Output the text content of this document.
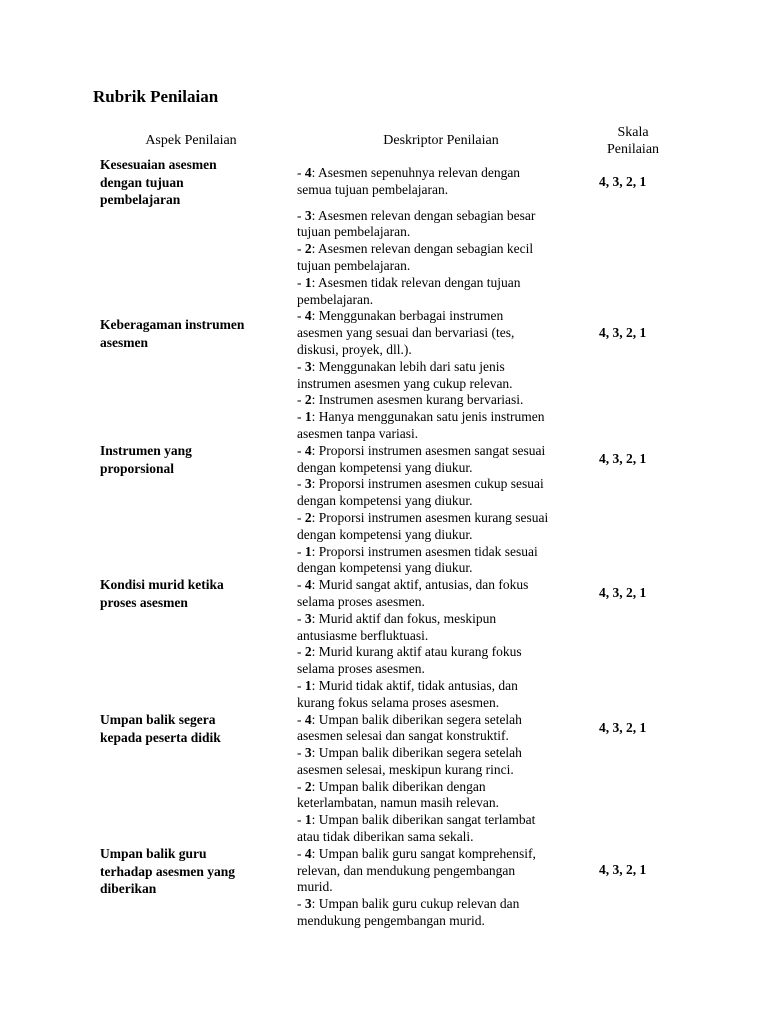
Rubrik Penilaian
Aspek Penilaian	Deskriptor Penilaian
Skala
Penilaian
Kesesuaian asesmen
dengan tujuan
pembelajaran
Keberagaman instrumen
asesmen
Instrumen yang
proporsional
Kondisi murid ketika
proses asesmen
Umpan balik segera
kepada peserta didik
Umpan balik guru
terhadap asesmen yang
diberikan
4, 3, 2, 1
4, 3, 2, 1
4, 3, 2, 1
4, 3, 2, 1
4, 3, 2, 1
4, 3, 2, 1
- 4: Asesmen sepenuhnya relevan dengan
semua tujuan pembelajaran.
- 3: Asesmen relevan dengan sebagian besar
tujuan pembelajaran.
- 2: Asesmen relevan dengan sebagian kecil
tujuan pembelajaran.
- 1: Asesmen tidak relevan dengan tujuan
pembelajaran.
- 4: Menggunakan berbagai instrumen
asesmen yang sesuai dan bervariasi (tes,
diskusi, proyek, dll.).
- 3: Menggunakan lebih dari satu jenis
instrumen asesmen yang cukup relevan.
- 2: Instrumen asesmen kurang bervariasi.
- 1: Hanya menggunakan satu jenis instrumen
asesmen tanpa variasi.
- 4: Proporsi instrumen asesmen sangat sesuai
dengan kompetensi yang diukur.
- 3: Proporsi instrumen asesmen cukup sesuai
dengan kompetensi yang diukur.
- 2: Proporsi instrumen asesmen kurang sesuai
dengan kompetensi yang diukur.
- 1: Proporsi instrumen asesmen tidak sesuai
dengan kompetensi yang diukur.
- 4: Murid sangat aktif, antusias, dan fokus
selama proses asesmen.
- 3: Murid aktif dan fokus, meskipun
antusiasme berfluktuasi.
- 2: Murid kurang aktif atau kurang fokus
selama proses asesmen.
- 1: Murid tidak aktif, tidak antusias, dan
kurang fokus selama proses asesmen.
- 4: Umpan balik diberikan segera setelah
asesmen selesai dan sangat konstruktif.
- 3: Umpan balik diberikan segera setelah
asesmen selesai, meskipun kurang rinci.
- 2: Umpan balik diberikan dengan
keterlambatan, namun masih relevan.
- 1: Umpan balik diberikan sangat terlambat
atau tidak diberikan sama sekali.
- 4: Umpan balik guru sangat komprehensif,
relevan, dan mendukung pengembangan
murid.
- 3: Umpan balik guru cukup relevan dan
mendukung pengembangan murid.
